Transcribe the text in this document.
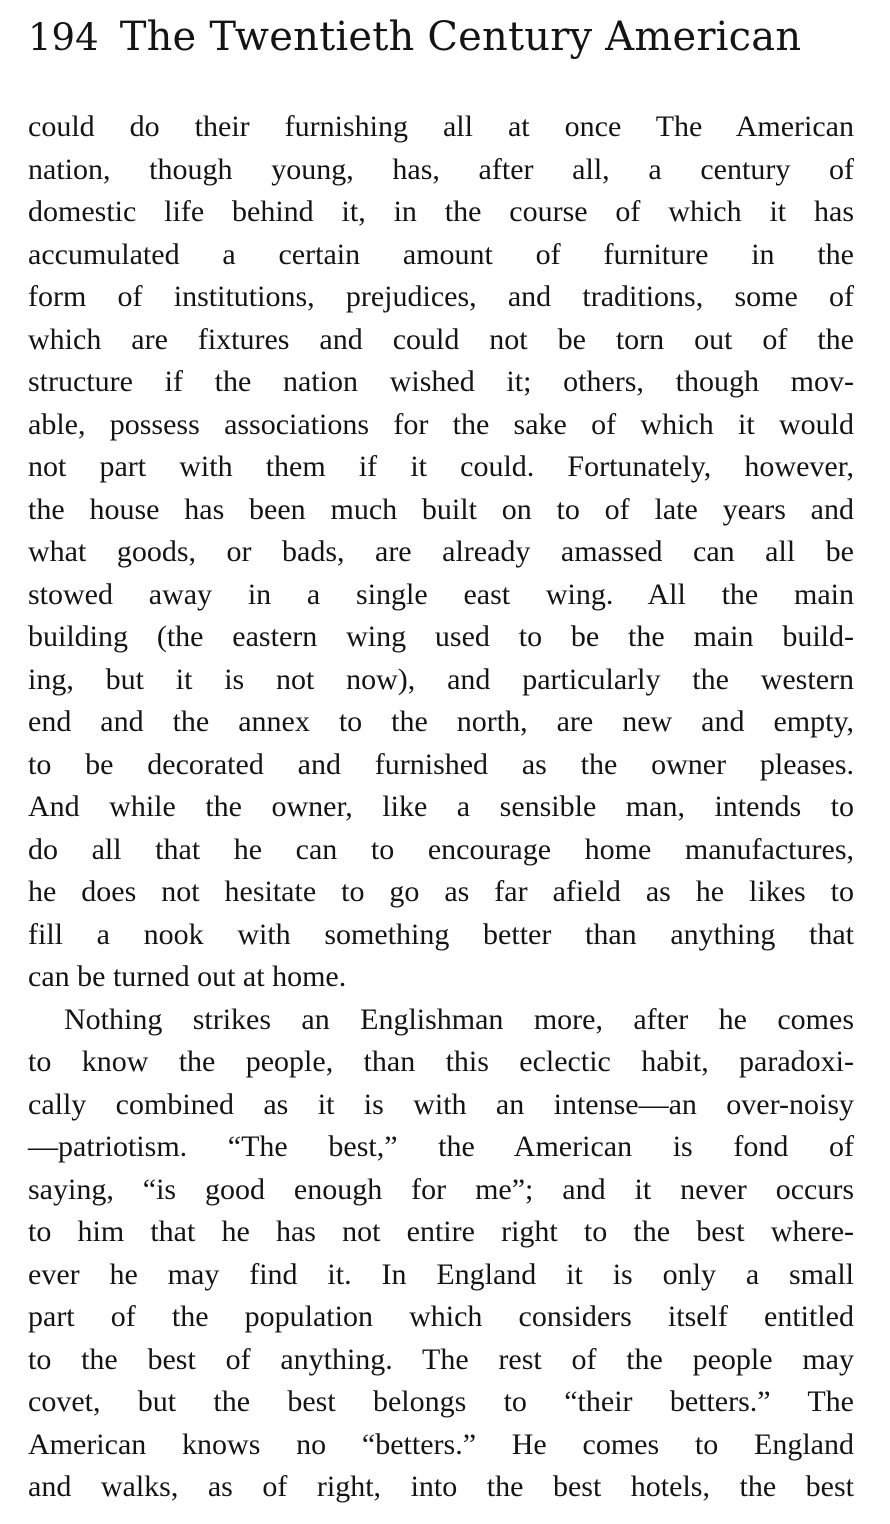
194 The Twentieth Century American
could do their furnishing all at once The American
nation, though young, has, after all, a century of
domestic life behind it, in the course of which it has
accumulated a certain amount of furniture in the
form of institutions, prejudices, and traditions, some of
which are fixtures and could not be torn out of the
structure if the nation wished it; others, though mov-
able, possess associations for the sake of which it would
not part with them if it could. Fortunately, however,
the house has been much built on to of late years and
what goods, or bads, are already amassed can all be
stowed away in a single east wing. All the main
building (the eastern wing used to be the main build-
ing, but it is not now), and particularly the western
end and the annex to the north, are new and empty,
to be decorated and furnished as the owner pleases.
And while the owner, like a sensible man, intends to
do all that he can to encourage home manufactures,
he does not hesitate to go as far afield as he likes to
fill a nook with something better than anything that
can be turned out at home.
Nothing strikes an Englishman more, after he comes
to know the people, than this eclectic habit, paradoxi-
cally combined as it is with an intense—an over-noisy
—patriotism. “The best,” the American is fond of
saying, “is good enough for me”; and it never occurs
to him that he has not entire right to the best where-
ever he may find it. In England it is only a small
part of the population which considers itself entitled
to the best of anything. The rest of the people may
covet, but the best belongs to “their betters.” The
American knows no “betters.” He comes to England
and walks, as of right, into the best hotels, the best
